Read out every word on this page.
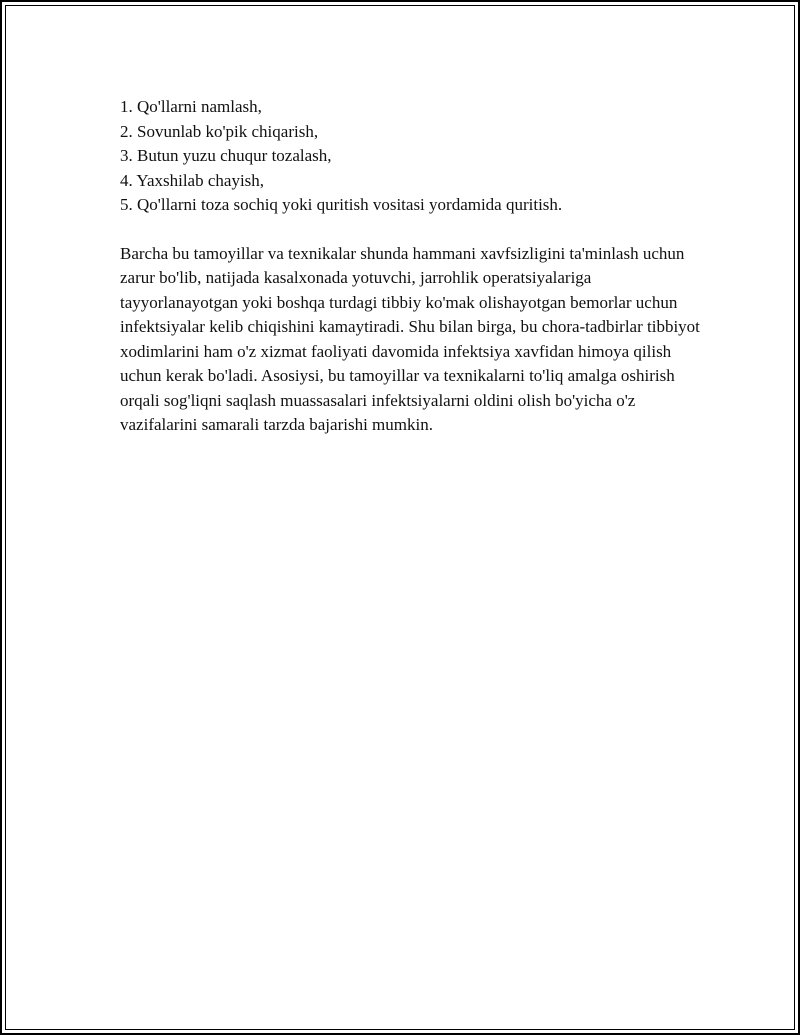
1. Qo'llarni namlash,
2. Sovunlab ko'pik chiqarish,
3. Butun yuzu chuqur tozalash,
4. Yaxshilab chayish,
5. Qo'llarni toza sochiq yoki quritish vositasi yordamida quritish.

Barcha bu tamoyillar va texnikalar shunda hammani xavfsizligini ta'minlash uchun zarur bo'lib, natijada kasalxonada yotuvchi, jarrohlik operatsiyalariga tayyorlanayotgan yoki boshqa turdagi tibbiy ko'mak olishayotgan bemorlar uchun infektsiyalar kelib chiqishini kamaytiradi. Shu bilan birga, bu chora-tadbirlar tibbiyot xodimlarini ham o'z xizmat faoliyati davomida infektsiya xavfidan himoya qilish uchun kerak bo'ladi. Asosiysi, bu tamoyillar va texnikalarni to'liq amalga oshirish orqali sog'liqni saqlash muassasalari infektsiyalarni oldini olish bo'yicha o'z vazifalarini samarali tarzda bajarishi mumkin.
